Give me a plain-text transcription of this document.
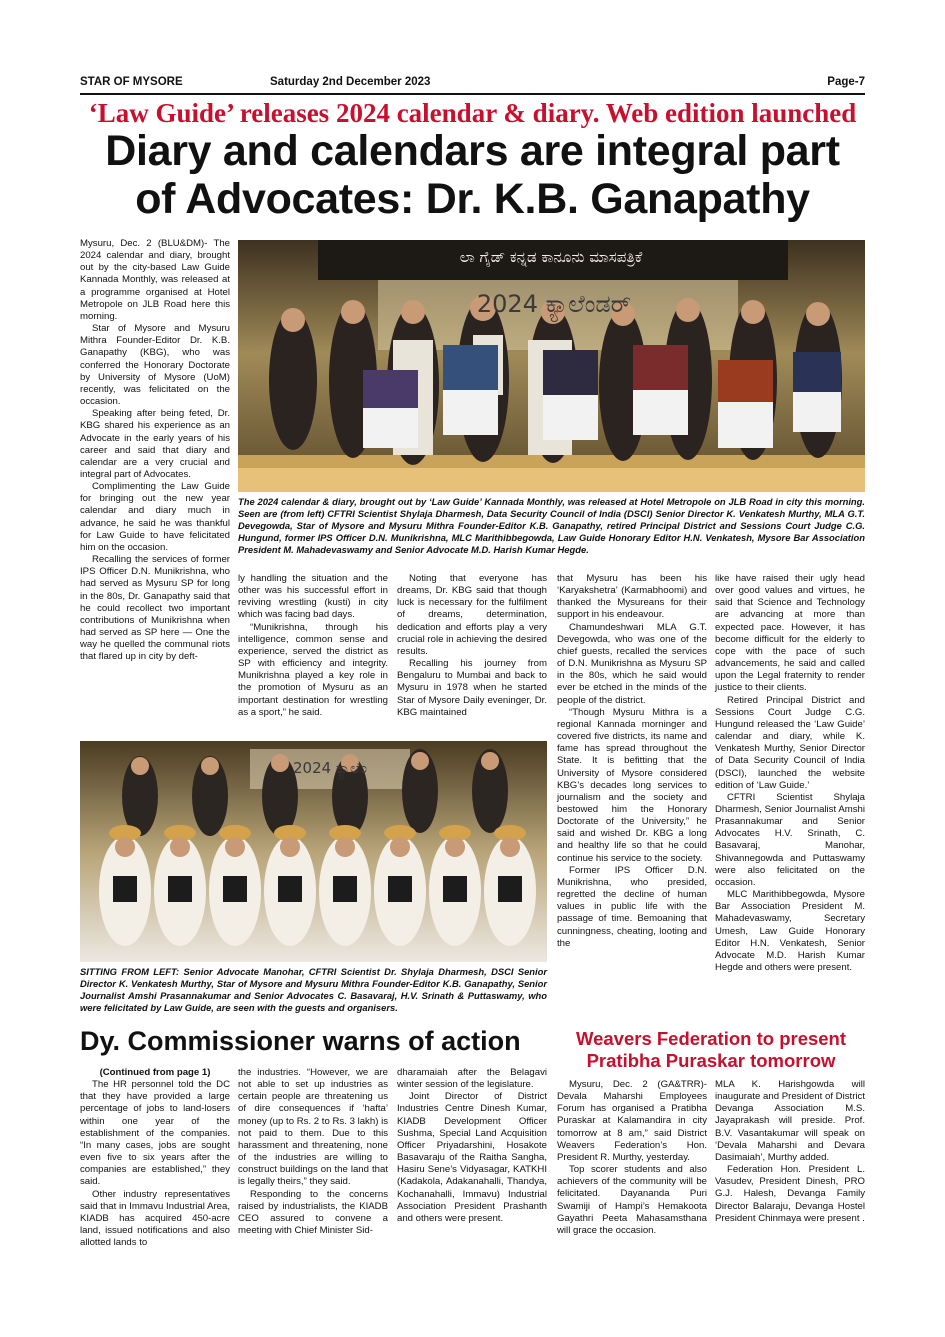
STAR OF MYSORE	Saturday 2nd December 2023	Page-7
‘Law Guide’ releases 2024 calendar & diary. Web edition launched
Diary and calendars are integral part
of Advocates: Dr. K.B. Ganapathy

Mysuru, Dec. 2 (BLU&DM)- The 2024 calendar and diary, brought out by the city-based Law Guide Kannada Monthly, was released at a programme organised at Hotel Metropole on JLB Road here this morning.

Star of Mysore and Mysuru Mithra Founder-Editor Dr. K.B. Ganapathy (KBG), who was conferred the Honorary Doctorate by University of Mysore (UoM) recently, was felicitated on the occasion.

Speaking after being feted, Dr. KBG shared his experience as an Advocate in the early years of his career and said that diary and calendar are a very crucial and integral part of Advocates.

Complimenting the Law Guide for bringing out the new year calendar and diary much in advance, he said he was thankful for Law Guide to have felicitated him on the occasion.

Recalling the services of former IPS Officer D.N. Munikrishna, who had served as Mysuru SP for long in the 80s, Dr. Ganapathy said that he could recollect two important contributions of Munikrishna when had served as SP here — One the way he quelled the communal riots that flared up in city by deft-

ಲಾ ಗೈಡ್ ಕನ್ನಡ ಕಾನೂನು ಮಾಸಪತ್ರಿಕೆ
2024 ಕ್ಯಾಲೆಂಡರ್
The 2024 calendar & diary, brought out by ‘Law Guide’ Kannada Monthly, was released at Hotel Metropole on JLB Road in city this morning. Seen are (from left) CFTRI Scientist Shylaja Dharmesh, Data Security Council of India (DSCI) Senior Director K. Venkatesh Murthy, MLA G.T. Devegowda, Star of Mysore and Mysuru Mithra Founder-Editor K.B. Ganapathy, retired Principal District and Sessions Court Judge C.G. Hungund, former IPS Officer D.N. Munikrishna, MLC Marithibbegowda, Law Guide Honorary Editor H.N. Venkatesh, Mysore Bar Association President M. Mahadevaswamy and Senior Advocate M.D. Harish Kumar Hegde.

ly handling the situation and the other was his successful effort in reviving wrestling (kusti) in city which was facing bad days.

“Munikrishna, through his intelligence, common sense and experience, served the district as SP with efficiency and integrity. Munikrishna played a key role in the promotion of Mysuru as an important destination for wrestling as a sport,” he said.

Noting that everyone has dreams, Dr. KBG said that though luck is necessary for the fulfilment of dreams, determination, dedication and efforts play a very crucial role in achieving the desired results.

Recalling his journey from Bengaluru to Mumbai and back to Mysuru in 1978 when he started Star of Mysore Daily eveninger, Dr. KBG maintained

that Mysuru has been his ‘Karyakshetra’ (Karmabhoomi) and thanked the Mysureans for their support in his endeavour.

Chamundeshwari MLA G.T. Devegowda, who was one of the chief guests, recalled the services of D.N. Munikrishna as Mysuru SP in the 80s, which he said would ever be etched in the minds of the people of the district.

“Though Mysuru Mithra is a regional Kannada morninger and covered five districts, its name and fame has spread throughout the State. It is befitting that the University of Mysore considered KBG’s decades long services to journalism and the society and bestowed him the Honorary Doctorate of the University,” he said and wished Dr. KBG a long and healthy life so that he could continue his service to the society.

Former IPS Officer D.N. Munikrishna, who presided, regretted the decline of human values in public life with the passage of time. Bemoaning that cunningness, cheating, looting and the

like have raised their ugly head over good values and virtues, he said that Science and Technology are advancing at more than expected pace. However, it has become difficult for the elderly to cope with the pace of such advancements, he said and called upon the Legal fraternity to render justice to their clients.

Retired Principal District and Sessions Court Judge C.G. Hungund released the ‘Law Guide’ calendar and diary, while K. Venkatesh Murthy, Senior Director of Data Security Council of India (DSCI), launched the website edition of ‘Law Guide.’

CFTRI Scientist Shylaja Dharmesh, Senior Journalist Amshi Prasannakumar and Senior Advocates H.V. Srinath, C. Basavaraj, Manohar, Shivannegowda and Puttaswamy were also felicitated on the occasion.

MLC Marithibbegowda, Mysore Bar Association President M. Mahadevaswamy, Secretary Umesh, Law Guide Honorary Editor H.N. Venkatesh, Senior Advocate M.D. Harish Kumar Hegde and others were present.

2024 ಕ್ಯಾಲೆಂ
SITTING FROM LEFT: Senior Advocate Manohar, CFTRI Scientist Dr. Shylaja Dharmesh, DSCI Senior Director K. Venkatesh Murthy, Star of Mysore and Mysuru Mithra Founder-Editor K.B. Ganapathy, Senior Journalist Amshi Prasannakumar and Senior Advocates C. Basavaraj, H.V. Srinath & Puttaswamy, who were felicitated by Law Guide, are seen with the guests and organisers.
Dy. Commissioner warns of action

(Continued from page 1)

The HR personnel told the DC that they have provided a large percentage of jobs to land-losers within one year of the establishment of the companies. “In many cases, jobs are sought even five to six years after the companies are established,” they said.

Other industry representatives said that in Immavu Industrial Area, KIADB has acquired 450-acre land, issued notifications and also allotted lands to

the industries. “However, we are not able to set up industries as certain people are threatening us of dire consequences if ‘hafta’ money (up to Rs. 2 to Rs. 3 lakh) is not paid to them. Due to this harassment and threatening, none of the industries are willing to construct buildings on the land that is legally theirs,” they said.

Responding to the concerns raised by industrialists, the KIADB CEO assured to convene a meeting with Chief Minister Sid-

dharamaiah after the Belagavi winter session of the legislature.

Joint Director of District Industries Centre Dinesh Kumar, KIADB Development Officer Sushma, Special Land Acquisition Officer Priyadarshini, Hosakote Basavaraju of the Raitha Sangha, Hasiru Sene’s Vidyasagar, KATKHI (Kadakola, Adakanahalli, Thandya, Kochanahalli, Immavu) Industrial Association President Prashanth and others were present.

Weavers Federation to present Pratibha Puraskar tomorrow

Mysuru, Dec. 2 (GA&TRR)- Devala Maharshi Employees Forum has organised a Pratibha Puraskar at Kalamandira in city tomorrow at 8 am,” said District Weavers Federation’s Hon. President R. Murthy, yesterday.

Top scorer students and also achievers of the community will be felicitated. Dayananda Puri Swamiji of Hampi’s Hemakoota Gayathri Peeta Mahasamsthana will grace the occasion.

MLA K. Harishgowda will inaugurate and President of District Devanga Association M.S. Jayaprakash will preside. Prof. B.V. Vasantakumar will speak on ‘Devala Maharshi and Devara Dasimaiah’, Murthy added.

Federation Hon. President L. Vasudev, President Dinesh, PRO G.J. Halesh, Devanga Family Director Balaraju, Devanga Hostel President Chinmaya were present .
